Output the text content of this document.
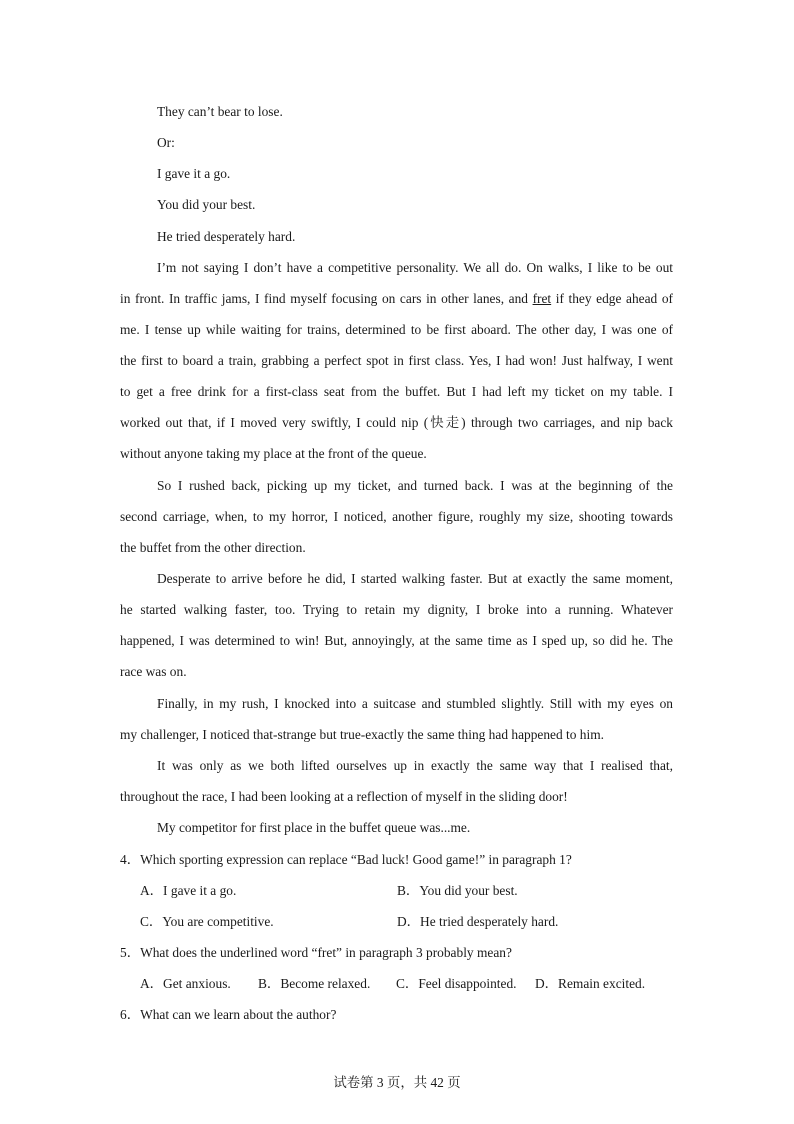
They can’t bear to lose.
Or:
I gave it a go.
You did your best.
He tried desperately hard.
I’m not saying I don’t have a competitive personality. We all do. On walks, I like to be out
in front. In traffic jams, I find myself focusing on cars in other lanes, and fret if they edge ahead of
me. I tense up while waiting for trains, determined to be first aboard. The other day, I was one of
the first to board a train, grabbing a perfect spot in first class. Yes, I had won! Just halfway, I went
to get a free drink for a first-class seat from the buffet. But I had left my ticket on my table. I
worked out that, if I moved very swiftly, I could nip (快走) through two carriages, and nip back
without anyone taking my place at the front of the queue.
So I rushed back, picking up my ticket, and turned back. I was at the beginning of the
second carriage, when, to my horror, I noticed, another figure, roughly my size, shooting towards
the buffet from the other direction.
Desperate to arrive before he did, I started walking faster. But at exactly the same moment,
he started walking faster, too. Trying to retain my dignity, I broke into a running. Whatever
happened, I was determined to win! But, annoyingly, at the same time as I sped up, so did he. The
race was on.
Finally, in my rush, I knocked into a suitcase and stumbled slightly. Still with my eyes on
my challenger, I noticed that-strange but true-exactly the same thing had happened to him.
It was only as we both lifted ourselves up in exactly the same way that I realised that,
throughout the race, I had been looking at a reflection of myself in the sliding door!
My competitor for first place in the buffet queue was...me.
4．Which sporting expression can replace “Bad luck! Good game!” in paragraph 1?
A．I gave it a go.	B．You did your best.
C．You are competitive.	D．He tried desperately hard.
5．What does the underlined word “fret” in paragraph 3 probably mean?
A．Get anxious. B．Become relaxed. C．Feel disappointed. D．Remain excited.
6．What can we learn about the author?
试卷第 3 页，共 42 页
